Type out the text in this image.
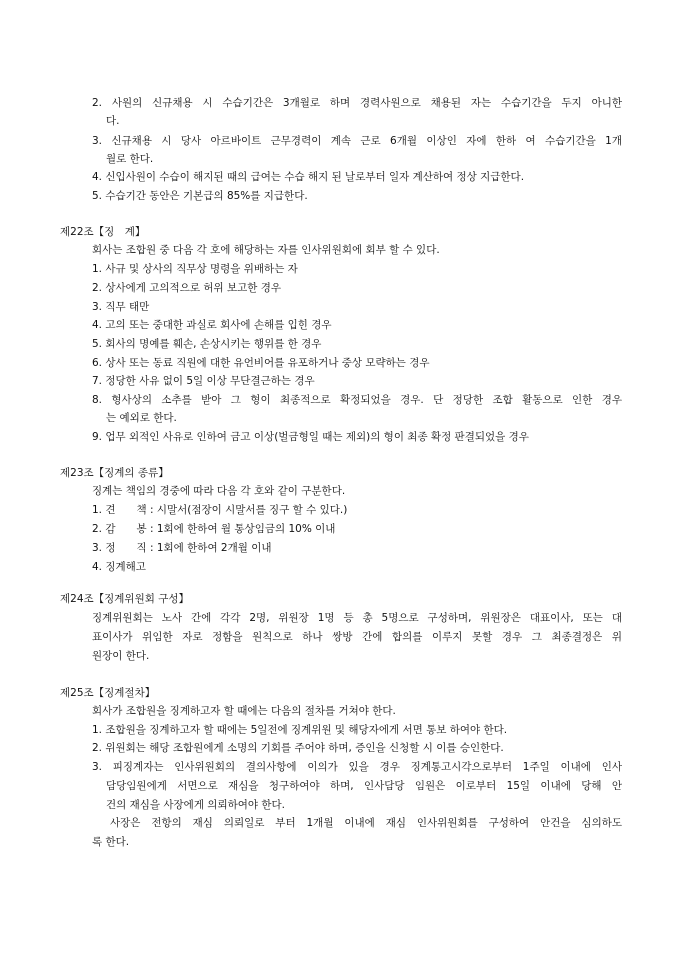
2. 사원의 신규채용 시 수습기간은 3개월로 하며 경력사원으로 채용된 자는 수습기간을 두지 아니한
다.
3. 신규채용 시 당사 아르바이트 근무경력이 계속 근로 6개월 이상인 자에 한하 여 수습기간을 1개
월로 한다.
4. 신입사원이 수습이 해지된 때의 급여는 수습 해지 된 날로부터 일자 계산하여 정상 지급한다.
5. 수습기간 동안은 기본급의 85%를 지급한다.
제22조【징　계】
회사는 조합원 중 다음 각 호에 해당하는 자를 인사위원회에 회부 할 수 있다.
1. 사규 및 상사의 직무상 명령을 위배하는 자
2. 상사에게 고의적으로 허위 보고한 경우
3. 직무 태만
4. 고의 또는 중대한 과실로 회사에 손해를 입힌 경우
5. 회사의 명예를 훼손, 손상시키는 행위를 한 경우
6. 상사 또는 동료 직원에 대한 유언비어를 유포하거나 중상 모략하는 경우
7. 정당한 사유 없이 5일 이상 무단결근하는 경우
8. 형사상의 소추를 받아 그 형이 최종적으로 확정되었을 경우. 단 정당한 조합 활동으로 인한 경우
는 예외로 한다.
9. 업무 외적인 사유로 인하여 금고 이상(벌금형일 때는 제외)의 형이 최종 확정 판결되었을 경우
제23조【징계의 종류】
징계는 책임의 경중에 따라 다음 각 호와 같이 구분한다.
1. 견　　책 : 시말서(점장이 시말서를 징구 할 수 있다.)
2. 감　　봉 : 1회에 한하여 월 통상임금의 10% 이내
3. 정　　직 : 1회에 한하여 2개월 이내
4. 징계해고
제24조【징계위원회 구성】
징계위원회는 노사 간에 각각 2명, 위원장 1명 등 총 5명으로 구성하며, 위원장은 대표이사, 또는 대
표이사가 위임한 자로 정함을 원칙으로 하나 쌍방 간에 합의를 이루지 못할 경우 그 최종결정은 위
원장이 한다.
제25조【징계절차】
회사가 조합원을 징계하고자 할 때에는 다음의 절차를 거쳐야 한다.
1. 조합원을 징계하고자 할 때에는 5일전에 징계위원 및 해당자에게 서면 통보 하여야 한다.
2. 위원회는 해당 조합원에게 소명의 기회를 주어야 하며, 증인을 신청할 시 이를 승인한다.
3. 피징계자는 인사위원회의 결의사항에 이의가 있을 경우 징계통고시각으로부터 1주일 이내에 인사
담당임원에게 서면으로 재심을 청구하여야 하며, 인사담당 임원은 이로부터 15일 이내에 당해 안
건의 재심을 사장에게 의뢰하여야 한다.
사장은 전항의 재심 의뢰일로 부터 1개월 이내에 재심 인사위원회를 구성하여 안건을 심의하도
록 한다.
